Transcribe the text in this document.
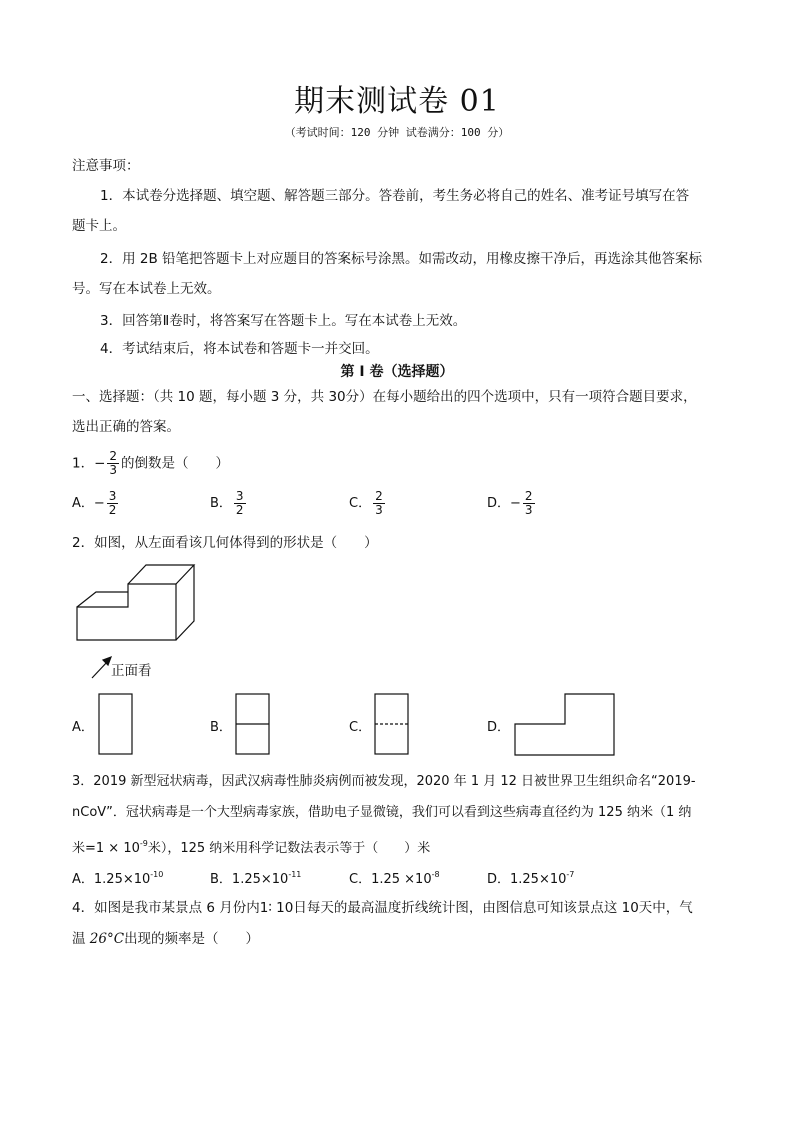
期末测试卷 01
（考试时间：120 分钟 试卷满分：100 分）
注意事项：
1．本试卷分选择题、填空题、解答题三部分。答卷前，考生务必将自己的姓名、准考证号填写在答
题卡上。
2．用 2B 铅笔把答题卡上对应题目的答案标号涂黑。如需改动，用橡皮擦干净后，再选涂其他答案标
号。写在本试卷上无效。
3．回答第Ⅱ卷时，将答案写在答题卡上。写在本试卷上无效。
4．考试结束后，将本试卷和答题卡一并交回。
第 I 卷（选择题）
一、选择题：（共 10 题，每小题 3 分，共 30分）在每小题给出的四个选项中，只有一项符合题目要求，
选出正确的答案。
1．− $\frac{2}{3}$ 的倒数是（　　）
A．− $\frac{3}{2}$	B． $\frac{3}{2}$	C． $\frac{2}{3}$	D．− $\frac{2}{3}$
2．如图，从左面看该几何体得到的形状是（　　）
正面看
A．	B．	C．	D．
3．2019 新型冠状病毒，因武汉病毒性肺炎病例而被发现，2020 年 1 月 12 日被世界卫生组织命名“2019-
nCoV”．冠状病毒是一个大型病毒家族，借助电子显微镜，我们可以看到这些病毒直径约为 125 纳米（1 纳
米$=1 \times 10^{-9}$米），125 纳米用科学记数法表示等于（　　）米
A．$1.25\times 10^{-10}$	B．$1.25\times 10^{-11}$	C．$1.25 \times 10^{-8}$	D．$1.25\times 10^{-7}$
4．如图是我市某景点 6 月份内1∶ 10日每天的最高温度折线统计图，由图信息可知该景点这 10天中，气
温 26°C出现的频率是（　　）
